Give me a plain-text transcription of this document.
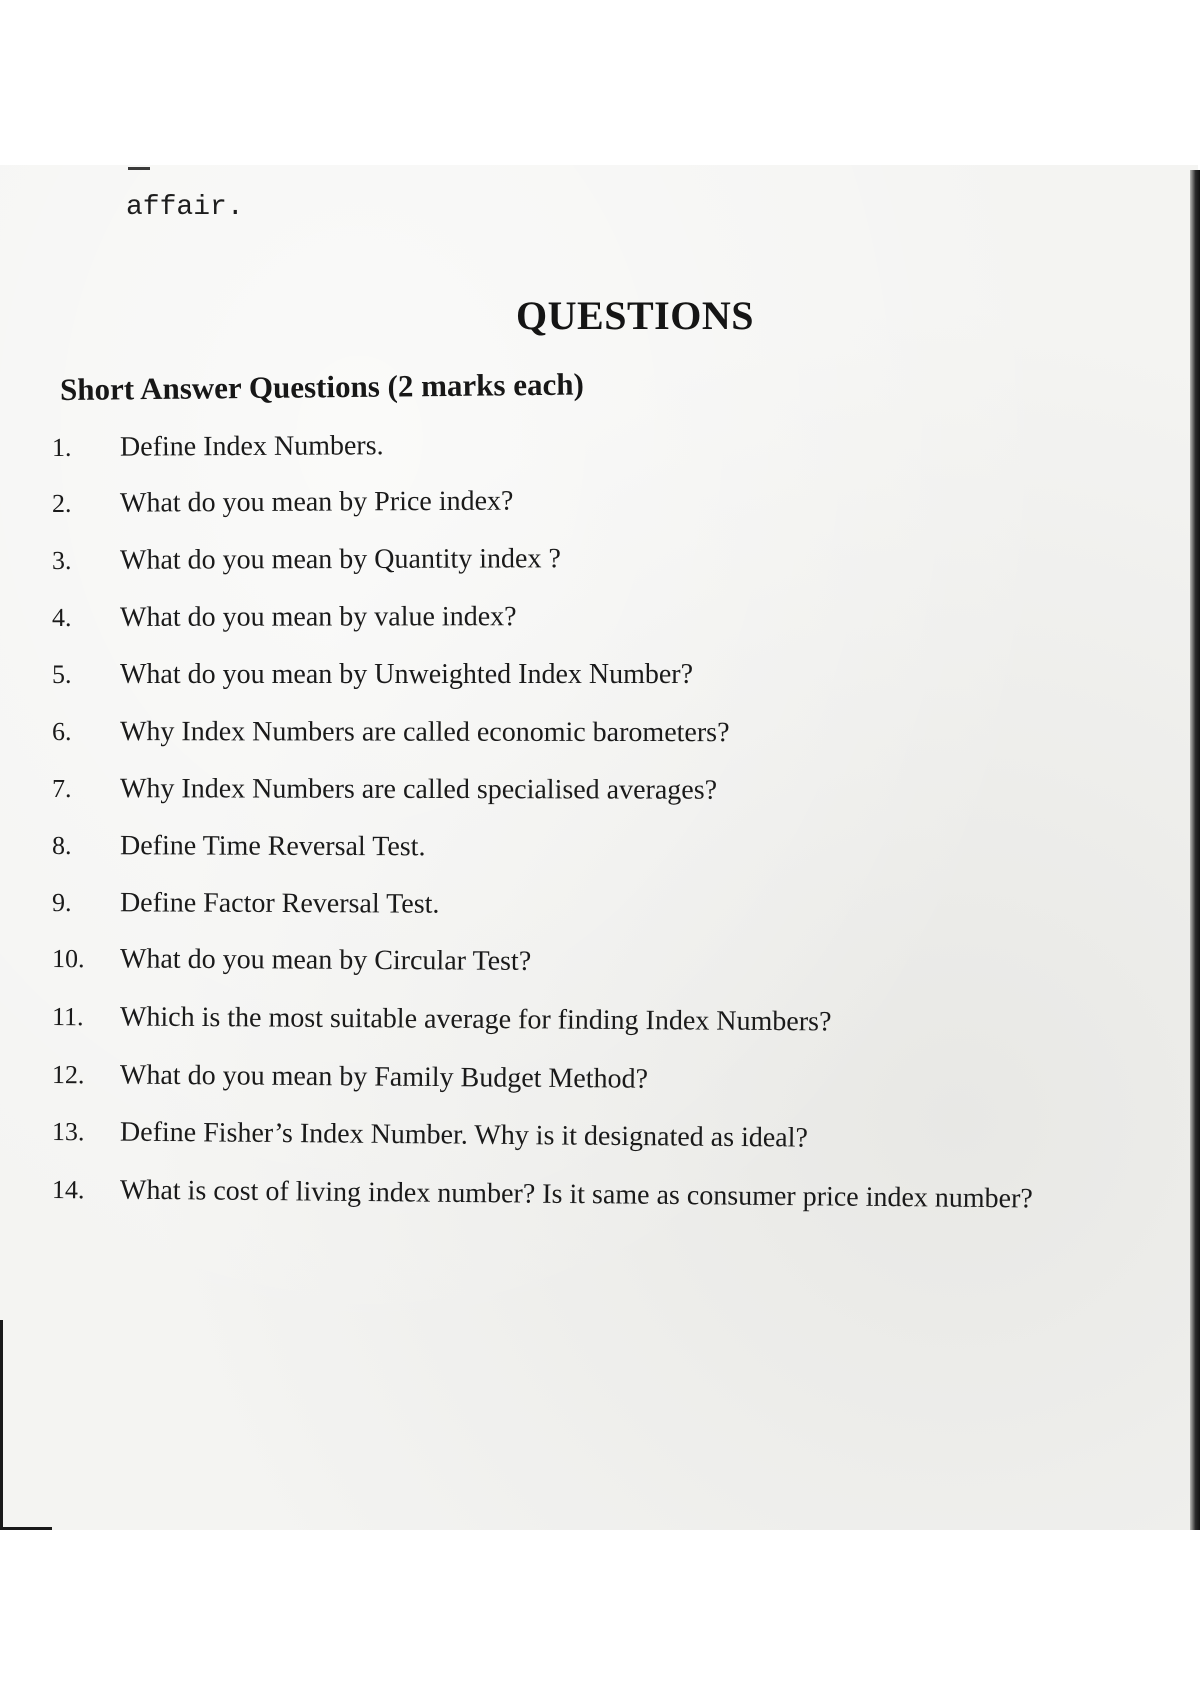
affair.
QUESTIONS
Short Answer Questions (2 marks each)
1. Define Index Numbers.
2. What do you mean by Price index?
3. What do you mean by Quantity index ?
4. What do you mean by value index?
5. What do you mean by Unweighted Index Number?
6. Why Index Numbers are called economic barometers?
7. Why Index Numbers are called specialised averages?
8. Define Time Reversal Test.
9. Define Factor Reversal Test.
10. What do you mean by Circular Test?
11. Which is the most suitable average for finding Index Numbers?
12. What do you mean by Family Budget Method?
13. Define Fisher’s Index Number. Why is it designated as ideal?
14. What is cost of living index number? Is it same as consumer price index number?
